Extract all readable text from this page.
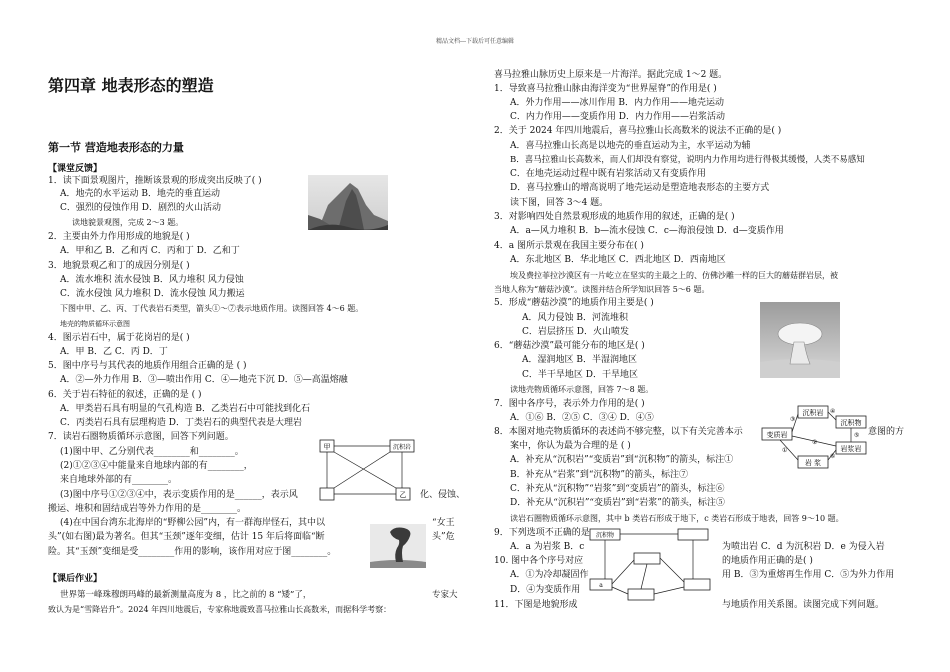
精品文档---下载后可任意编辑
第四章 地表形态的塑造
第一节 营造地表形态的力量
【课堂反馈】
1．读下面景观图片，推断该景观的形成突出反映了( )
A．地壳的水平运动 B．地壳的垂直运动
C．强烈的侵蚀作用 D．剧烈的火山活动
读地貌景观图，完成 2～3 题。
2．主要由外力作用形成的地貌是( )
A．甲和乙 B．乙和丙 C．丙和丁 D．乙和丁
3．地貌景观乙和丁的成因分别是( )
A．流水堆积 流水侵蚀 B．风力堆积 风力侵蚀
C．流水侵蚀 风力堆积 D．流水侵蚀 风力搬运
下图中甲、乙、丙、丁代表岩石类型，箭头①～⑦表示地质作用。读图回答 4～6 题。
地壳的物质循环示意图
4．图示岩石中，属于花岗岩的是( )
A．甲 B．乙 C．丙 D．丁
5．图中序号与其代表的地质作用组合正确的是 ( )
A．②—外力作用 B．③—喷出作用 C．④—地壳下沉 D．⑤—高温熔融
6．关于岩石特征的叙述，正确的是 ( )
A．甲类岩石具有明显的气孔构造 B．乙类岩石中可能找到化石
C．丙类岩石具有层理构造 D．丁类岩石的典型代表是大理岩
7．读岩石圈物质循环示意图，回答下列问题。
(1)图中甲、乙分别代表________和________。
(2)①②③④中能量来自地球内部的有________，
来自地球外部的有________。
(3)图中序号①②③④中，表示变质作用的是______，表示风
搬运、堆积和固结成岩等外力作用的是________。
(4)在中国台湾东北海岸的“野柳公园”内，有一群海岸怪石，其中以
头”(如右图)最为著名。但其“玉颈”逐年变细，估计 15 年后将面临“断
险。其“玉颈”变细是受________作用的影响，该作用对应于图________。
化、侵蚀、
“女王
头”危
【课后作业】
世界第一峰珠穆朗玛峰的最新测量高度为 8 ，比之前的 8 “矮”了，	专家大
致认为是“雪降岩升”。2024 年四川地震后，专家称地震致喜马拉雅山长高数米，而据科学考察：
甲	沉积岩
乙
喜马拉雅山脉历史上原来是一片海洋。据此完成 1～2 题。
1．导致喜马拉雅山脉由海洋变为“世界屋脊”的作用是( )
A．外力作用——冰川作用 B．内力作用——地壳运动
C．内力作用——变质作用 D．内力作用——岩浆活动
2．关于 2024 年四川地震后，喜马拉雅山长高数米的说法不正确的是( )
A．喜马拉雅山长高是以地壳的垂直运动为主，水平运动为辅
B．喜马拉雅山长高数米，而人们却没有察觉，说明内力作用均进行得极其缓慢，人类不易感知
C．在地壳运动过程中既有岩浆活动又有变质作用
D．喜马拉雅山的增高说明了地壳运动是塑造地表形态的主要方式
读下图，回答 3～4 题。
3．对影响四处自然景观形成的地质作用的叙述，正确的是( )
A．a—风力堆积 B．b—流水侵蚀 C．c—海浪侵蚀 D．d—变质作用
4．a 图所示景观在我国主要分布在( )
A．东北地区 B．华北地区 C．西北地区 D．西南地区
埃及费拉菲拉沙漠区有一片屹立在坚实的主最之上的、仿佛沙雕一样的巨大的蘑菇群岩层，被
当地人称为“蘑菇沙漠”。读图并结合所学知识回答 5～6 题。
5．形成“蘑菇沙漠”的地质作用主要是( )
A．风力侵蚀 B．河流堆积
C．岩层挤压 D．火山喷发
6．“蘑菇沙漠”最可能分布的地区是( )
A．湿润地区 B．半湿润地区
C．半干旱地区 D．干旱地区
读地壳物质循环示意图，回答 7～8 题。
7．图中各序号，表示外力作用的是( )
A．①⑥ B．②⑤ C．③④ D．④⑤
8．本图对地壳物质循环的表述尚不够完整，以下有关完善本示
案中，你认为最为合理的是 ( )
A．补充从“沉积岩”“变质岩”到“沉积物”的箭头，标注①
B．补充从“岩浆”到“沉积物”的箭头，标注⑦
C．补充从“沉积物”“岩浆”到“变质岩”的箭头，标注⑥
D．补充从“沉积岩”“变质岩”到“岩浆”的箭头，标注⑤
读岩石圈物质循环示意图，其中 b 类岩石形成于地下，c 类岩石形成于地表，回答 9～10 题。
9．下列选项不正确的是
A．a 为岩浆 B．c
10. 图中各个序号对应
A．①为冷却凝固作
D．④为变质作用
11．下图是地貌形成
意图的方
为喷出岩 C．d 为沉积岩 D．e 为侵入岩
的地质作用正确的是( )
用 B．③为重熔再生作用 C．⑤为外力作用
与地质作用关系图。读图完成下列问题。
沉积岩
沉积物
变质岩
岩 浆
岩浆岩
③
④
⑤
⑥
①
②
沉积物
a
